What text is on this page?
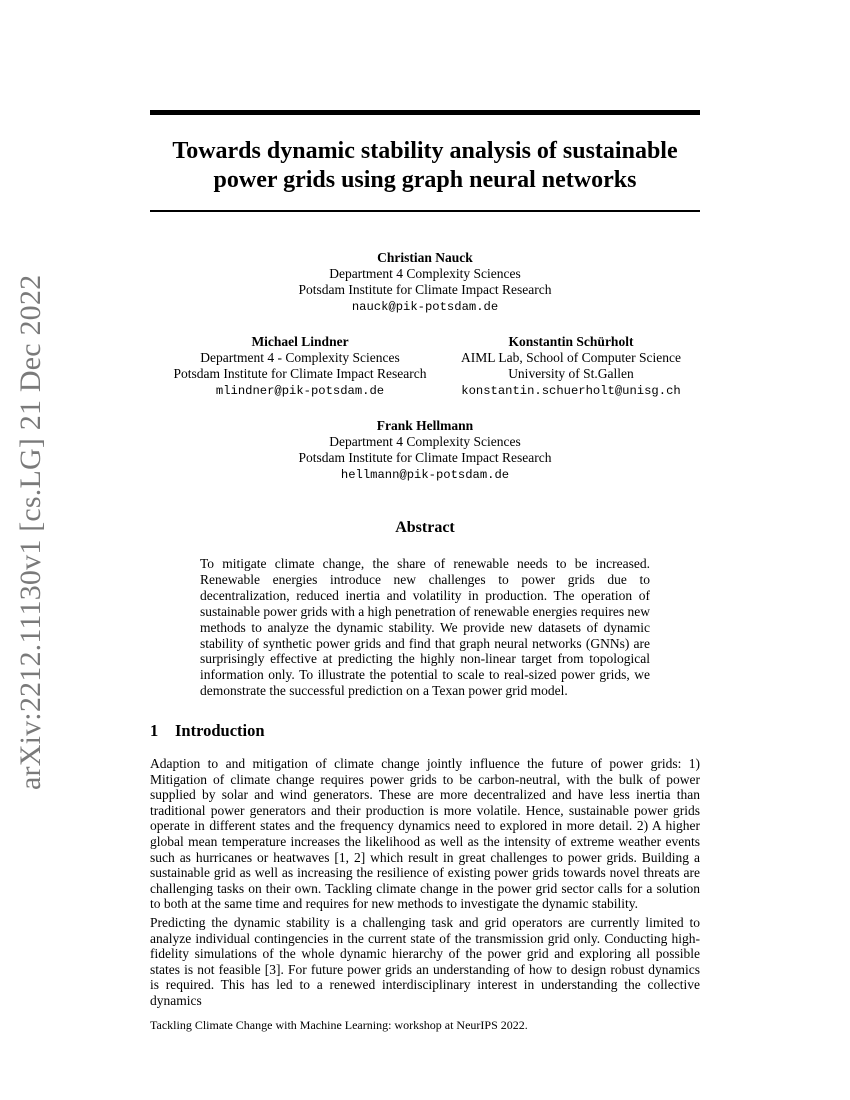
arXiv:2212.11130v1 [cs.LG] 21 Dec 2022
Towards dynamic stability analysis of sustainable
power grids using graph neural networks
Christian Nauck
Department 4 Complexity Sciences
Potsdam Institute for Climate Impact Research
nauck@pik-potsdam.de
Michael Lindner
Department 4 - Complexity Sciences
Potsdam Institute for Climate Impact Research
mlindner@pik-potsdam.de
Konstantin Schürholt
AIML Lab, School of Computer Science
University of St.Gallen
konstantin.schuerholt@unisg.ch
Frank Hellmann
Department 4 Complexity Sciences
Potsdam Institute for Climate Impact Research
hellmann@pik-potsdam.de
Abstract
To mitigate climate change, the share of renewable needs to be increased. Renewable energies introduce new challenges to power grids due to decentralization, reduced inertia and volatility in production. The operation of sustainable power grids with a high penetration of renewable energies requires new methods to analyze the dynamic stability. We provide new datasets of dynamic stability of synthetic power grids and find that graph neural networks (GNNs) are surprisingly effective at predicting the highly non-linear target from topological information only. To illustrate the potential to scale to real-sized power grids, we demonstrate the successful prediction on a Texan power grid model.
1 Introduction
Adaption to and mitigation of climate change jointly influence the future of power grids: 1) Mitigation of climate change requires power grids to be carbon-neutral, with the bulk of power supplied by solar and wind generators. These are more decentralized and have less inertia than traditional power generators and their production is more volatile. Hence, sustainable power grids operate in different states and the frequency dynamics need to explored in more detail. 2) A higher global mean temperature increases the likelihood as well as the intensity of extreme weather events such as hurricanes or heatwaves [1, 2] which result in great challenges to power grids. Building a sustainable grid as well as increasing the resilience of existing power grids towards novel threats are challenging tasks on their own. Tackling climate change in the power grid sector calls for a solution to both at the same time and requires for new methods to investigate the dynamic stability.
Predicting the dynamic stability is a challenging task and grid operators are currently limited to analyze individual contingencies in the current state of the transmission grid only. Conducting high-fidelity simulations of the whole dynamic hierarchy of the power grid and exploring all possible states is not feasible [3]. For future power grids an understanding of how to design robust dynamics is required. This has led to a renewed interdisciplinary interest in understanding the collective dynamics
Tackling Climate Change with Machine Learning: workshop at NeurIPS 2022.
